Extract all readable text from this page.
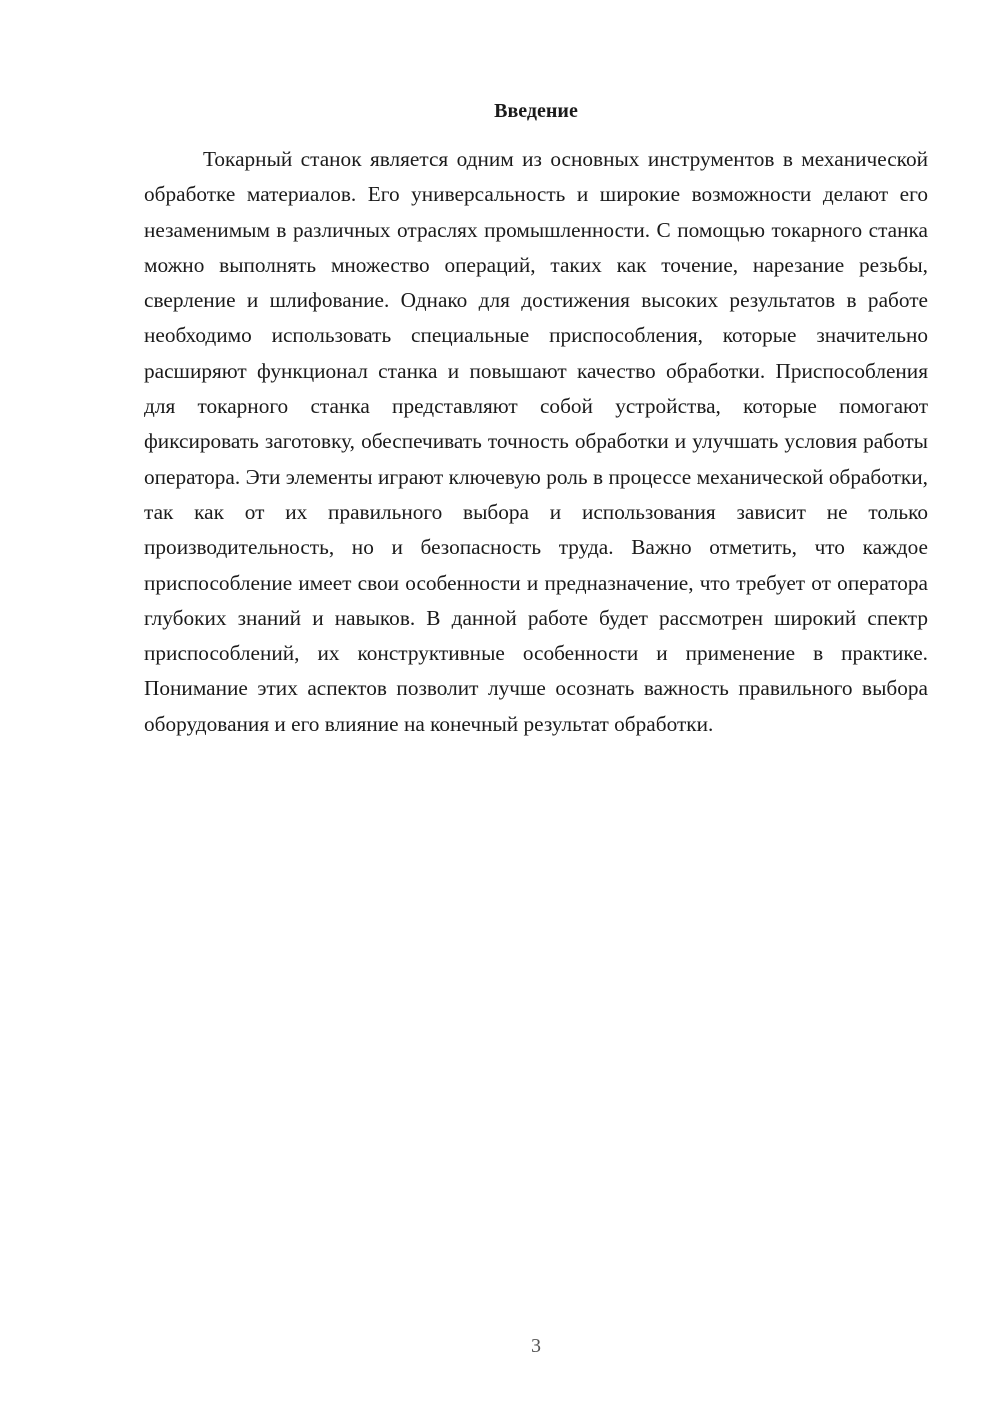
Введение

Токарный станок является одним из основных инструментов в механической обработке материалов. Его универсальность и широкие возможности делают его незаменимым в различных отраслях промышленности. С помощью токарного станка можно выполнять множество операций, таких как точение, нарезание резьбы, сверление и шлифование. Однако для достижения высоких результатов в работе необходимо использовать специальные приспособления, которые значительно расширяют функционал станка и повышают качество обработки. Приспособления для токарного станка представляют собой устройства, которые помогают фиксировать заготовку, обеспечивать точность обработки и улучшать условия работы оператора. Эти элементы играют ключевую роль в процессе механической обработки, так как от их правильного выбора и использования зависит не только производительность, но и безопасность труда. Важно отметить, что каждое приспособление имеет свои особенности и предназначение, что требует от оператора глубоких знаний и навыков. В данной работе будет рассмотрен широкий спектр приспособлений, их конструктивные особенности и применение в практике. Понимание этих аспектов позволит лучше осознать важность правильного выбора оборудования и его влияние на конечный результат обработки.

3
